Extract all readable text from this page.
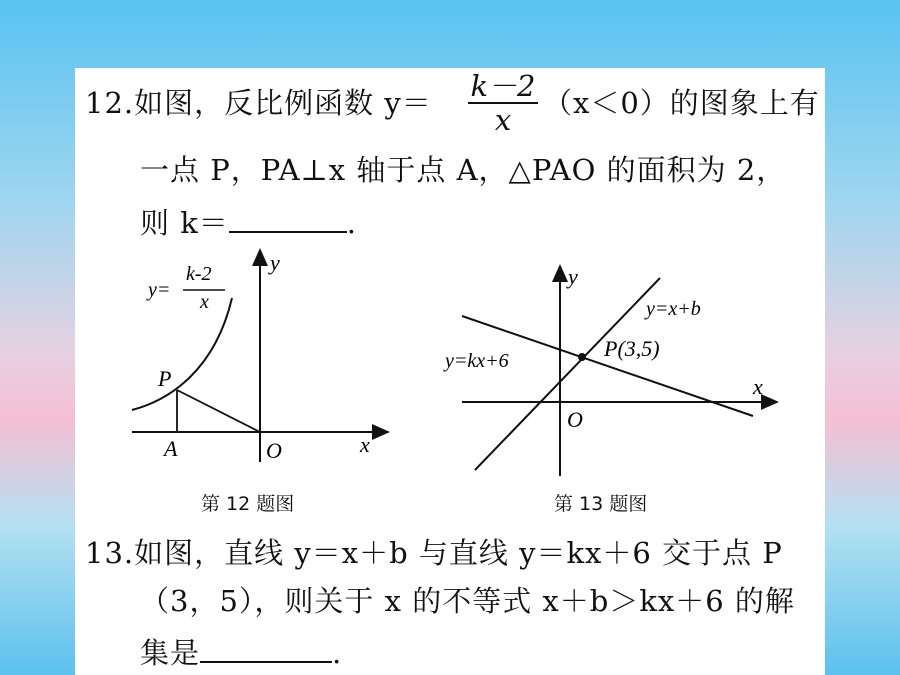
12.如图，反比例函数 y＝ k－2
x	（x＜0）的图象上有
一点 P，PA⊥x 轴于点 A，△PAO 的面积为 2，
则 k＝	.
y=
k-2
x
y
x
P
A	O
第 12 题图
y
x
O
y=x+b
y=kx+6	P(3,5)
第 13 题图
13.如图，直线 y＝x＋b 与直线 y＝kx＋6 交于点 P
（3，5），则关于 x 的不等式 x＋b＞kx＋6 的解
集是	.
